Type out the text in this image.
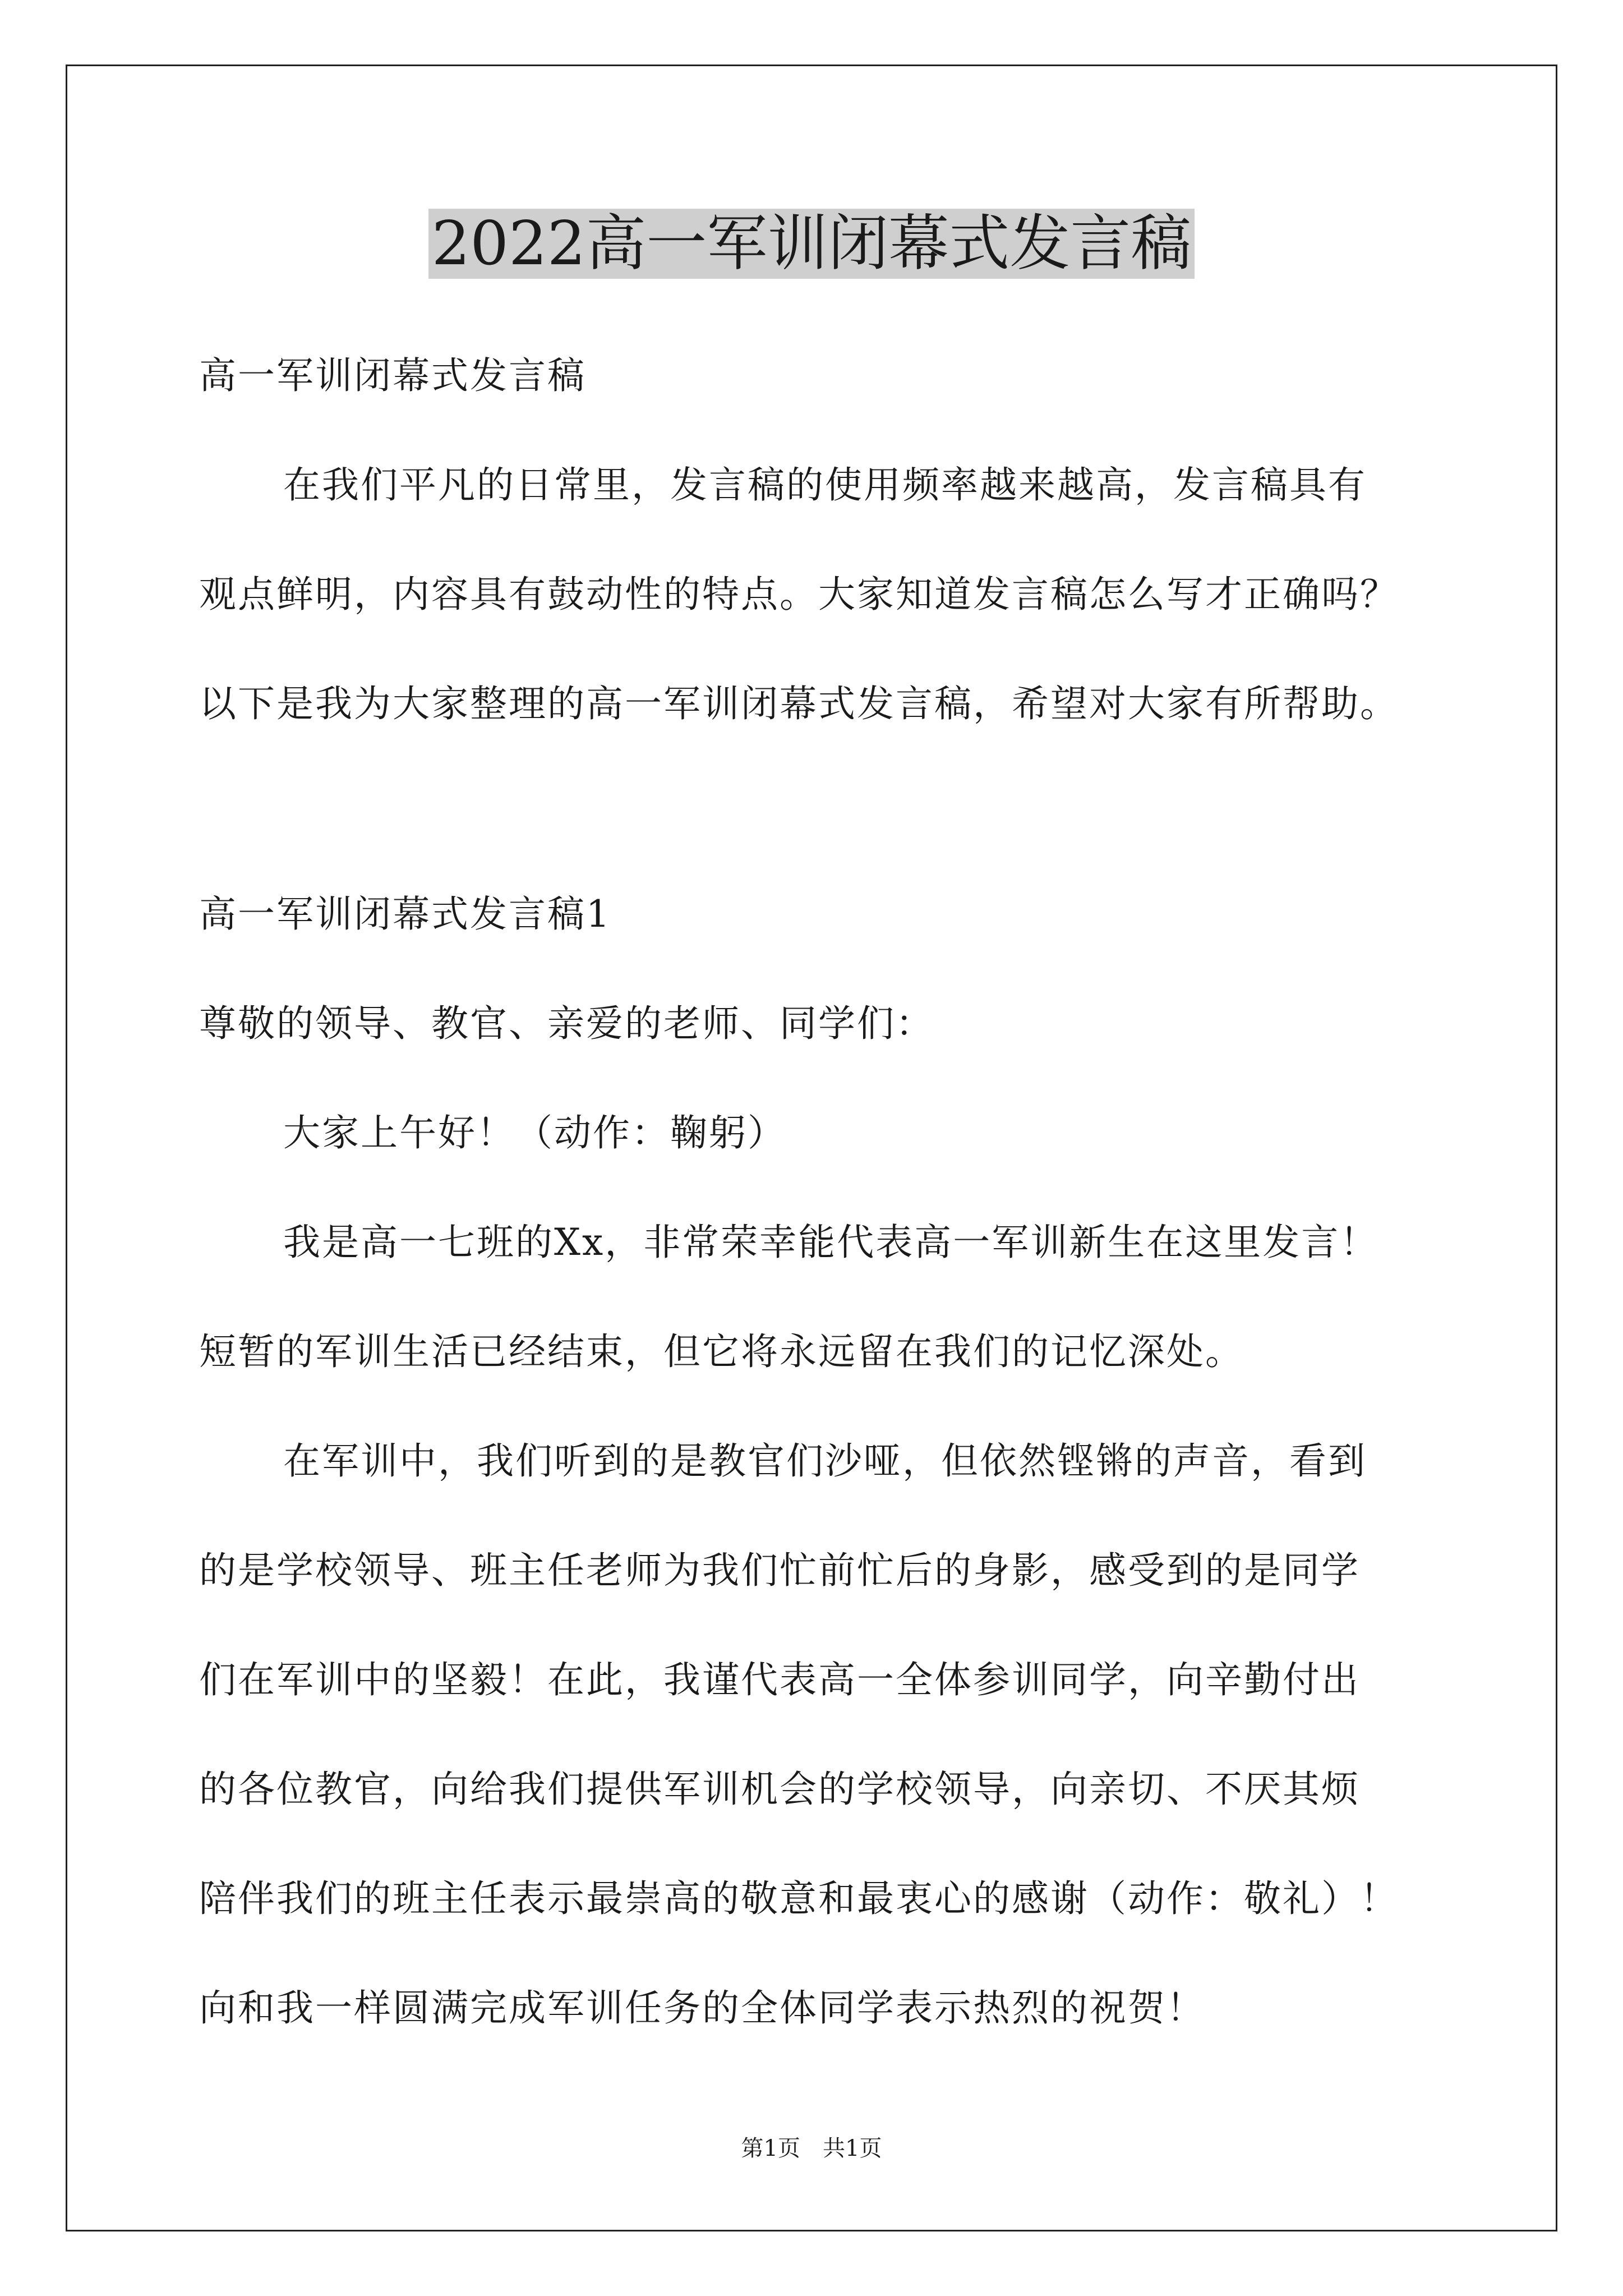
2022高一军训闭幕式发言稿

高一军训闭幕式发言稿

在我们平凡的日常里，发言稿的使用频率越来越高，发言稿具有

观点鲜明，内容具有鼓动性的特点。大家知道发言稿怎么写才正确吗？

以下是我为大家整理的高一军训闭幕式发言稿，希望对大家有所帮助。

高一军训闭幕式发言稿1

尊敬的领导、教官、亲爱的老师、同学们：

大家上午好！（动作：鞠躬）

我是高一七班的Xx，非常荣幸能代表高一军训新生在这里发言！

短暂的军训生活已经结束，但它将永远留在我们的记忆深处。

在军训中，我们听到的是教官们沙哑，但依然铿锵的声音，看到

的是学校领导、班主任老师为我们忙前忙后的身影，感受到的是同学

们在军训中的坚毅！在此，我谨代表高一全体参训同学，向辛勤付出

的各位教官，向给我们提供军训机会的学校领导，向亲切、不厌其烦

陪伴我们的班主任表示最崇高的敬意和最衷心的感谢（动作：敬礼）！

向和我一样圆满完成军训任务的全体同学表示热烈的祝贺！

第1页 共1页
